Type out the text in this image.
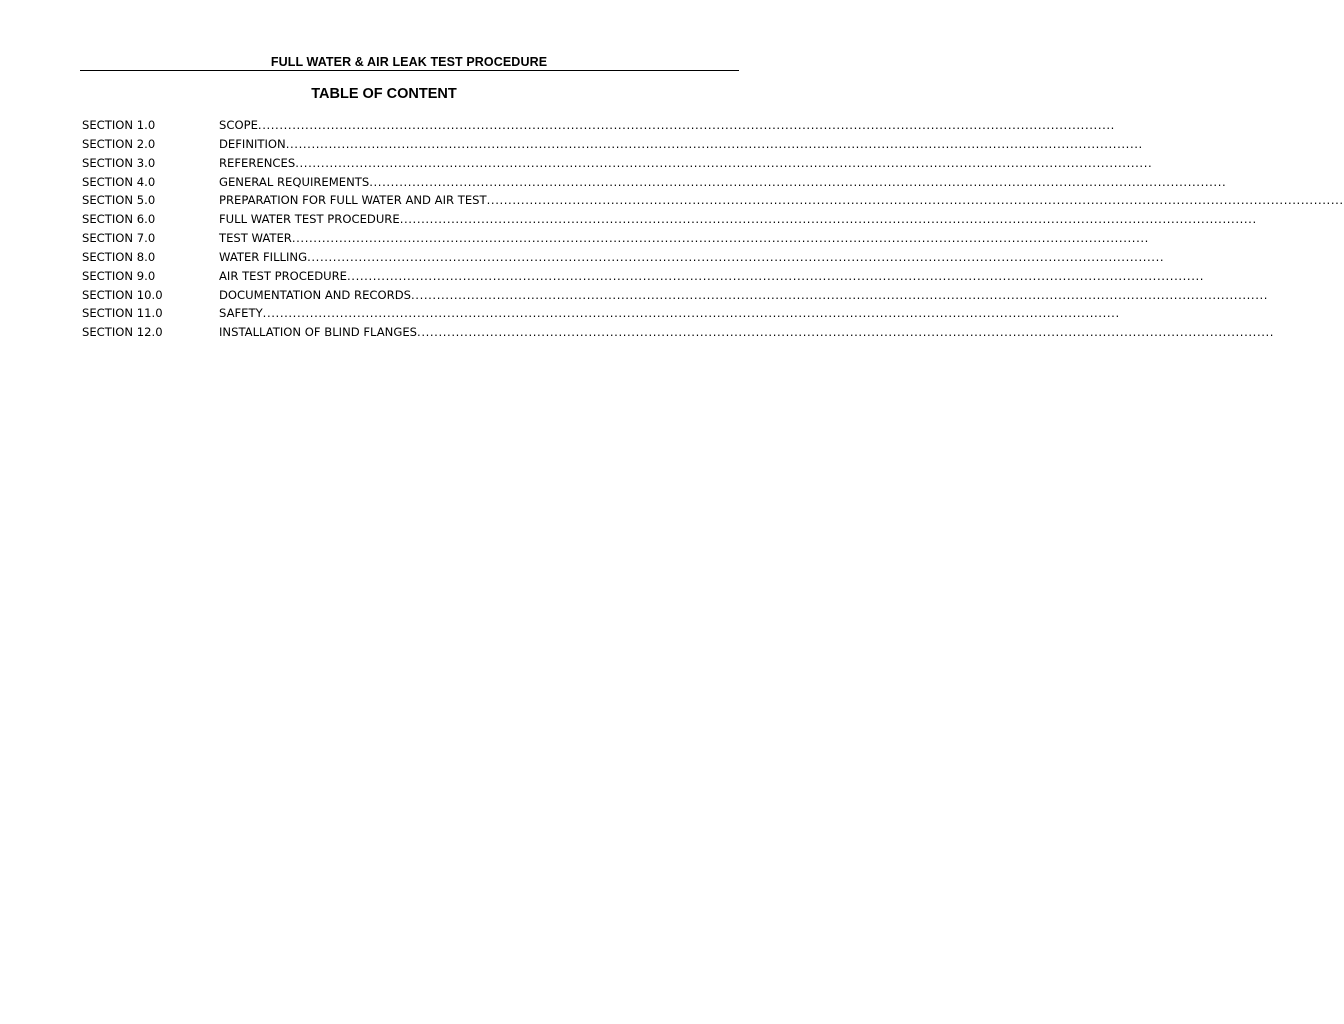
FULL WATER & AIR LEAK TEST PROCEDURE
TABLE OF CONTENT
SECTION 1.0	SCOPE ........................................................................................................................................................................................................
SECTION 2.0	DEFINITION ........................................................................................................................................................................................................
SECTION 3.0	REFERENCES ........................................................................................................................................................................................................
SECTION 4.0	GENERAL REQUIREMENTS ........................................................................................................................................................................................................
SECTION 5.0	PREPARATION FOR FULL WATER AND AIR TEST ........................................................................................................................................................................................................
SECTION 6.0	FULL WATER TEST PROCEDURE ........................................................................................................................................................................................................
SECTION 7.0	TEST WATER ........................................................................................................................................................................................................
SECTION 8.0	WATER FILLING ........................................................................................................................................................................................................
SECTION 9.0	AIR TEST PROCEDURE ........................................................................................................................................................................................................
SECTION 10.0	DOCUMENTATION AND RECORDS ........................................................................................................................................................................................................
SECTION 11.0	SAFETY ........................................................................................................................................................................................................
SECTION 12.0	INSTALLATION OF BLIND FLANGES ........................................................................................................................................................................................................
